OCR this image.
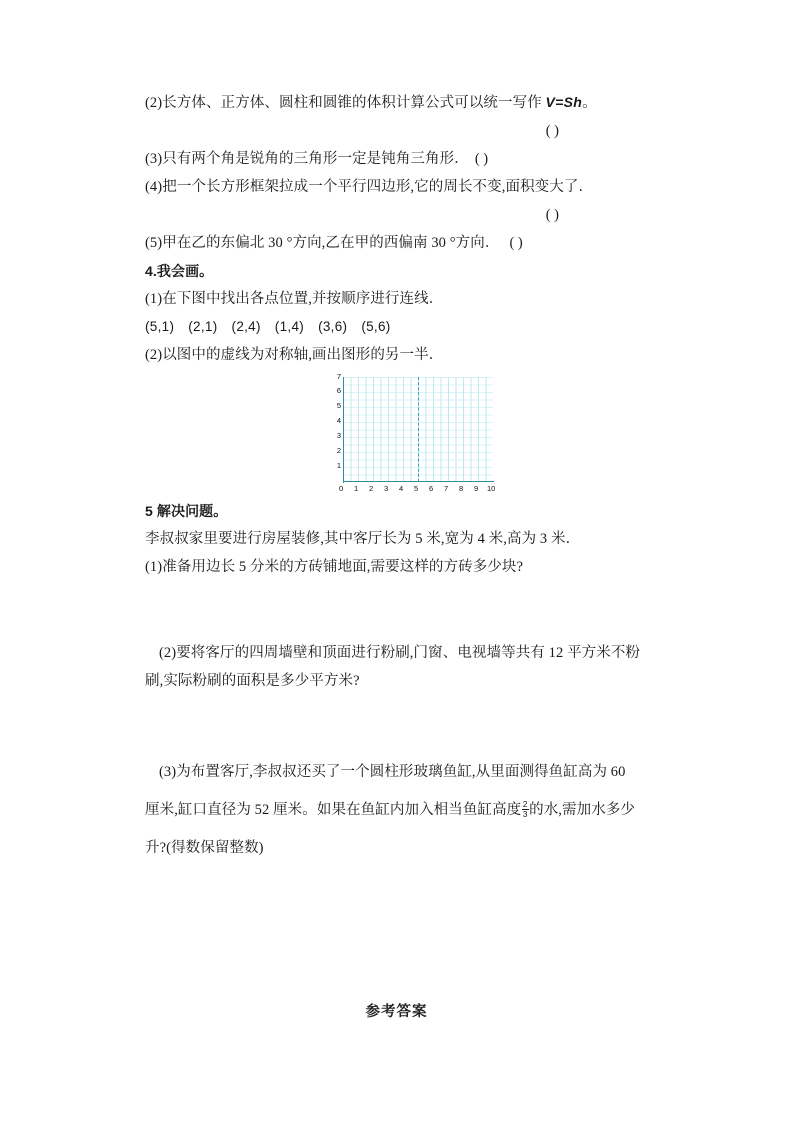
(2)长方体、正方体、圆柱和圆锥的体积计算公式可以统一写作 V=Sh。
( )
(3)只有两个角是锐角的三角形一定是钝角三角形． ( )
(4)把一个长方形框架拉成一个平行四边形,它的周长不变,面积变大了．
( )
(5)甲在乙的东偏北 30 °方向,乙在甲的西偏南 30 °方向． ( )
4.我会画。
(1)在下图中找出各点位置,并按顺序进行连线．
(5,1) (2,1) (2,4) (1,4) (3,6) (5,6)
(2)以图中的虚线为对称轴,画出图形的另一半．
7
6
5
4
3
2
1
0 1 2 3 4 5 6 7 8 9 10
5 解决问题。
李叔叔家里要进行房屋装修,其中客厅长为 5 米,宽为 4 米,高为 3 米．
(1)准备用边长 5 分米的方砖铺地面,需要这样的方砖多少块?
(2)要将客厅的四周墙壁和顶面进行粉刷,门窗、电视墙等共有 12 平方米不粉
刷,实际粉刷的面积是多少平方米?
(3)为布置客厅,李叔叔还买了一个圆柱形玻璃鱼缸,从里面测得鱼缸高为 60
厘米,缸口直径为 52 厘米。如果在鱼缸内加入相当鱼缸高度 $\frac{2}{3}$ 的水,需加水多少
升?(得数保留整数)
参考答案
